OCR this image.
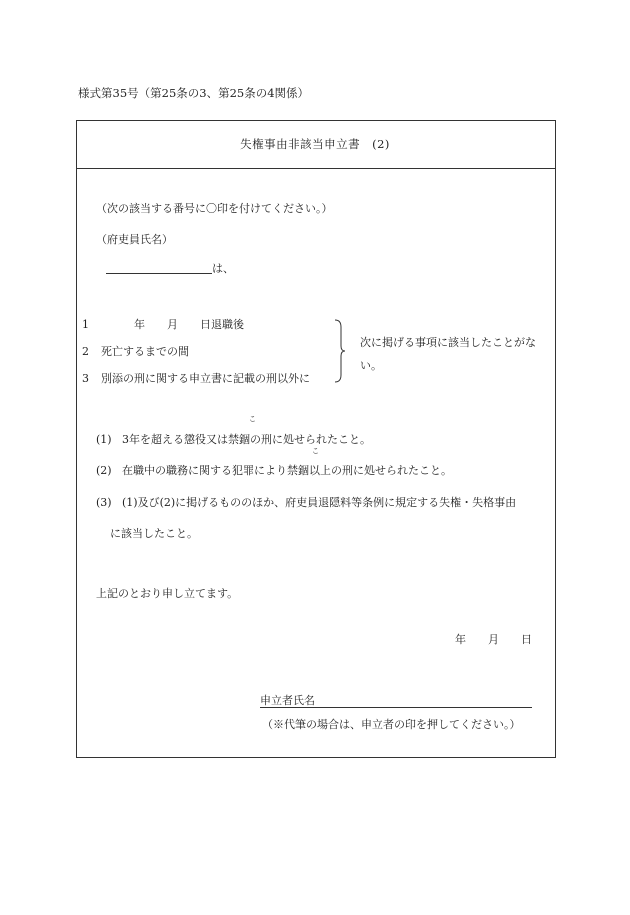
様式第35号（第25条の3、第25条の4関係）
失権事由非該当申立書　(2)
（次の該当する番号に〇印を付けてください。）
（府吏員氏名）
は、
1	年　　月　　日退職後
2 死亡するまでの間
3 別添の刑に関する申立書に記載の刑以外に
次に掲げる事項に該当したことがな
い。
こ
(1) 3年を超える懲役又は禁錮の刑に処せられたこと。
こ
(2) 在職中の職務に関する犯罪により禁錮以上の刑に処せられたこと。
(3) (1)及び(2)に掲げるもののほか、府吏員退隠料等条例に規定する失権・失格事由
に該当したこと。
上記のとおり申し立てます。
年　　月　　日
申立者氏名
（※代筆の場合は、申立者の印を押してください。）
